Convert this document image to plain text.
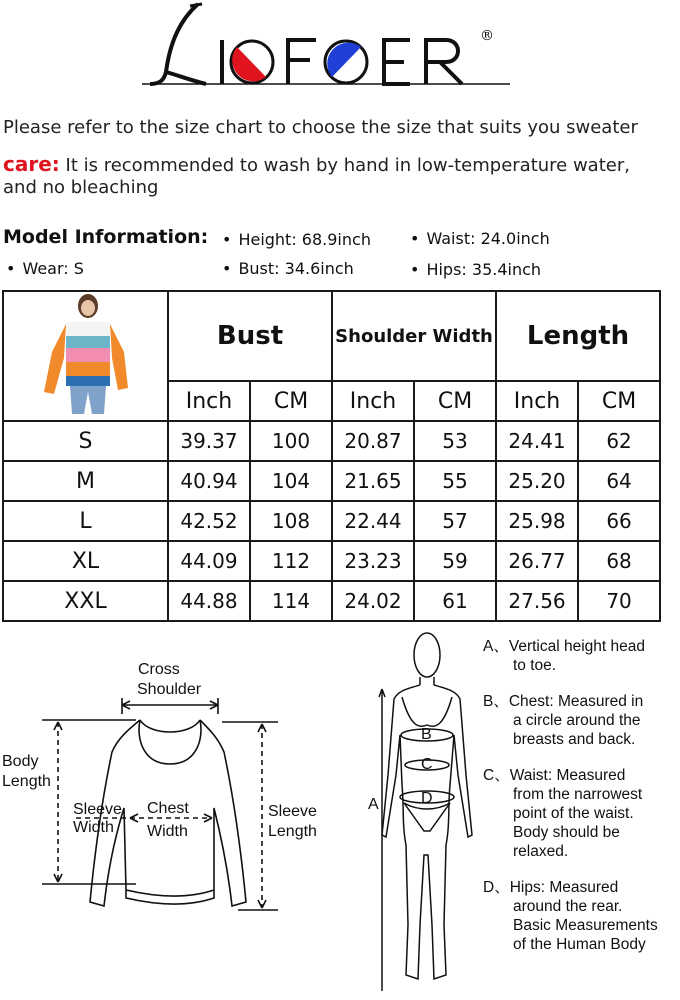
®
Please refer to the size chart to choose the size that suits you sweater
care: It is recommended to wash by hand in low-temperature water,
and no bleaching
Model Information:	• Height: 68.9inch	• Waist: 24.0inch
• Wear: S	• Bust: 34.6inch	• Hips: 35.4inch
	Bust		Shoulder Width		Length	
	Inch	CM	Inch	CM	Inch	CM
S	39.37	100	20.87	53	24.41	62
M	40.94	104	21.65	55	25.20	64
L	42.52	108	22.44	57	25.98	66
XL	44.09	112	23.23	59	26.77	68
XXL	44.88	114	24.02	61	27.56	70
Cross
Shoulder
Body
Length
Sleeve
Width
Chest
Width
Sleeve
Length
A
B
C
D
A、Vertical height head
to toe.
B、Chest: Measured in
a circle around the
breasts and back.
C、Waist: Measured
from the narrowest
point of the waist.
Body should be
relaxed.
D、Hips: Measured
around the rear.
Basic Measurements
of the Human Body
